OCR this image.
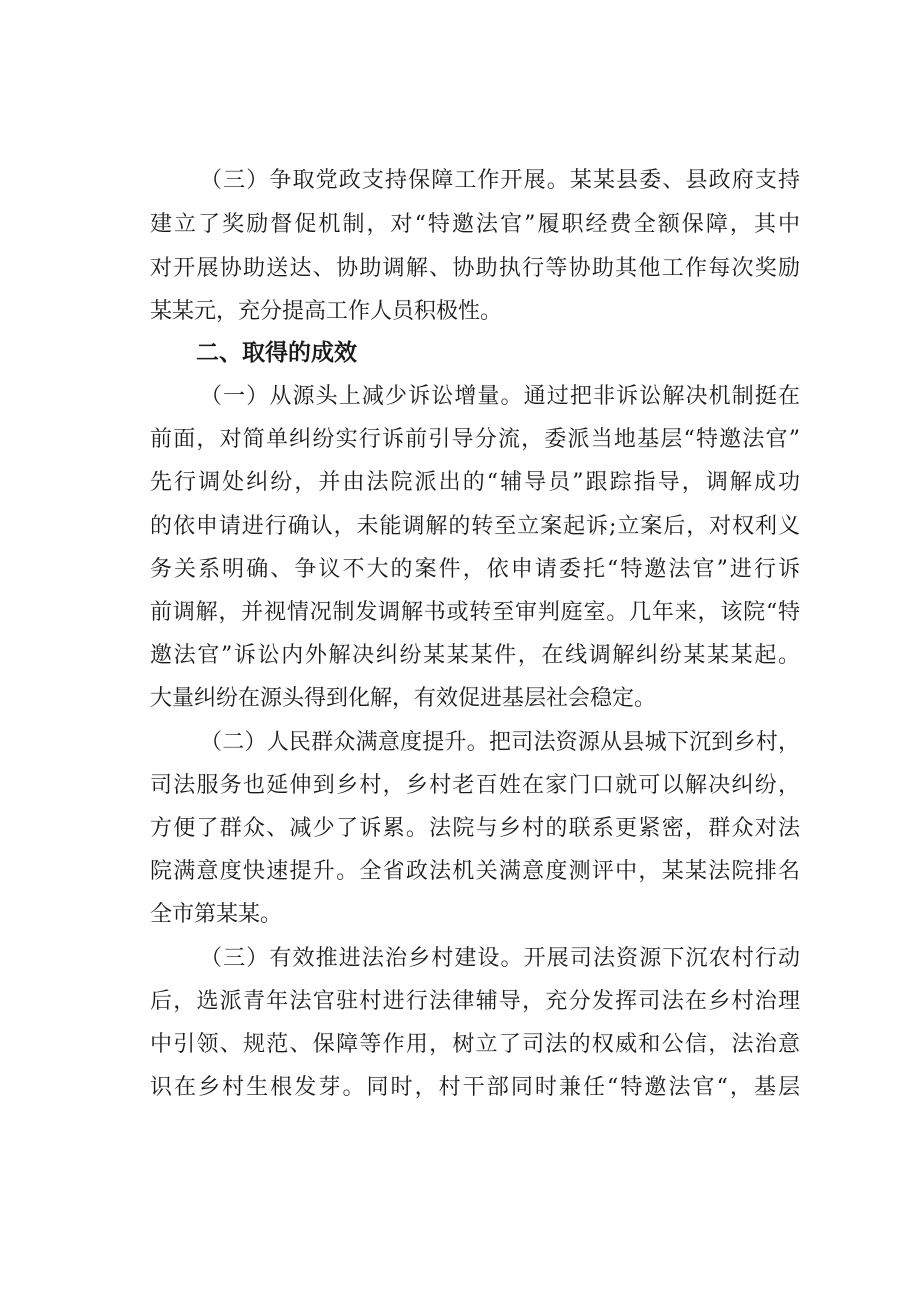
（三）争取党政支持保障工作开展。某某县委、县政府支持
建立了奖励督促机制，对“特邀法官”履职经费全额保障，其中
对开展协助送达、协助调解、协助执行等协助其他工作每次奖励
某某元，充分提高工作人员积极性。
二、取得的成效
（一）从源头上减少诉讼增量。通过把非诉讼解决机制挺在
前面，对简单纠纷实行诉前引导分流，委派当地基层“特邀法官”
先行调处纠纷，并由法院派出的“辅导员”跟踪指导，调解成功
的依申请进行确认，未能调解的转至立案起诉;立案后，对权利义
务关系明确、争议不大的案件，依申请委托“特邀法官”进行诉
前调解，并视情况制发调解书或转至审判庭室。几年来，该院“特
邀法官”诉讼内外解决纠纷某某某件，在线调解纠纷某某某起。
大量纠纷在源头得到化解，有效促进基层社会稳定。
（二）人民群众满意度提升。把司法资源从县城下沉到乡村，
司法服务也延伸到乡村，乡村老百姓在家门口就可以解决纠纷，
方便了群众、减少了诉累。法院与乡村的联系更紧密，群众对法
院满意度快速提升。全省政法机关满意度测评中，某某法院排名
全市第某某。
（三）有效推进法治乡村建设。开展司法资源下沉农村行动
后，选派青年法官驻村进行法律辅导，充分发挥司法在乡村治理
中引领、规范、保障等作用，树立了司法的权威和公信，法治意
识在乡村生根发芽。同时，村干部同时兼任“特邀法官“，基层
